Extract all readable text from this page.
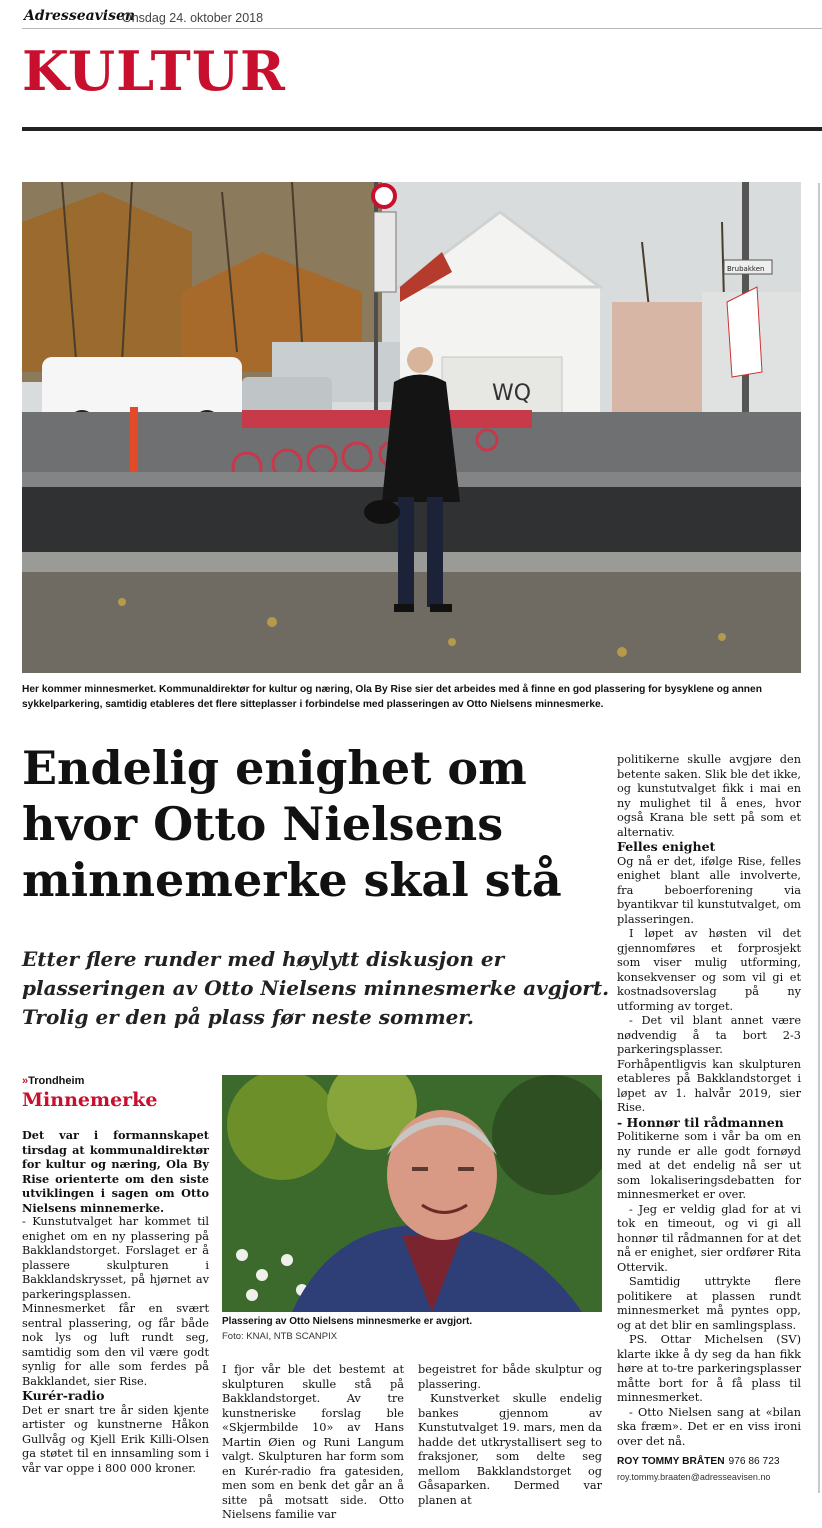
Adresseavisen
Onsdag 24. oktober 2018
KULTUR
WQ
Brubakken
Her kommer minnesmerket. Kommunaldirektør for kultur og næring, Ola By Rise sier det arbeides med å finne en god plassering for bysyklene og annen sykkelparkering, samtidig etableres det flere sitteplasser i forbindelse med plasseringen av Otto Nielsens minnesmerke.
Endelig enighet om hvor Otto Nielsens minnemerke skal stå
Etter flere runder med høylytt diskusjon er plasseringen av Otto Nielsens minnesmerke avgjort. Trolig er den på plass før neste sommer.
»Trondheim
Minnemerke

Det var i formannskapet tirsdag at kommunaldirektør for kultur og næring, Ola By Rise orienterte om den siste utviklingen i sagen om Otto Nielsens minnemerke.

- Kunstutvalget har kommet til enighet om en ny plassering på Bakklandstorget. Forslaget er å plassere skulpturen i Bakklandskrysset, på hjørnet av parkeringsplassen. Minnesmerket får en svært sentral plassering, og får både nok lys og luft rundt seg, samtidig som den vil være godt synlig for alle som ferdes på Bakklandet, sier Rise.

Kurér-radio

Det er snart tre år siden kjente artister og kunstnerne Håkon Gullvåg og Kjell Erik Killi-Olsen ga støtet til en innsamling som i vår var oppe i 800 000 kroner.

Plassering av Otto Nielsens minnesmerke er avgjort.
Foto: KNAI, NTB SCANPIX

I fjor vår ble det bestemt at skulpturen skulle stå på Bakklandstorget. Av tre kunstneriske forslag ble «Skjermbilde 10» av Hans Martin Øien og Runi Langum valgt. Skulpturen har form som en Kurér-radio fra gatesiden, men som en benk det går an å sitte på motsatt side. Otto Nielsens familie var

begeistret for både skulptur og plassering.

Kunstverket skulle endelig bankes gjennom av Kunstutvalget 19. mars, men da hadde det utkrystallisert seg to fraksjoner, som delte seg mellom Bakklandstorget og Gåsaparken. Dermed var planen at

politikerne skulle avgjøre den betente saken. Slik ble det ikke, og kunstutvalget fikk i mai en ny mulighet til å enes, hvor også Krana ble sett på som et alternativ.

Felles enighet

Og nå er det, ifølge Rise, felles enighet blant alle involverte, fra beboerforening via byantikvar til kunstutvalget, om plasseringen.

I løpet av høsten vil det gjennomføres et forprosjekt som viser mulig utforming, konsekvenser og som vil gi et kostnadsoverslag på ny utforming av torget.

- Det vil blant annet være nødvendig å ta bort 2-3 parkeringsplasser. Forhåpentligvis kan skulpturen etableres på Bakklandstorget i løpet av 1. halvår 2019, sier Rise.

- Honnør til rådmannen

Politikerne som i vår ba om en ny runde er alle godt fornøyd med at det endelig nå ser ut som lokaliseringsdebatten for minnesmerket er over.

- Jeg er veldig glad for at vi tok en timeout, og vi gi all honnør til rådmannen for at det nå er enighet, sier ordfører Rita Ottervik.

Samtidig uttrykte flere politikere at plassen rundt minnesmerket må pyntes opp, og at det blir en samlingsplass.

PS. Ottar Michelsen (SV) klarte ikke å dy seg da han fikk høre at to-tre parkeringsplasser måtte bort for å få plass til minnesmerket.

- Otto Nielsen sang at «bilan ska fræm». Det er en viss ironi over det nå.

ROY TOMMY BRÅTEN 976 86 723
roy.tommy.braaten@adresseavisen.no
